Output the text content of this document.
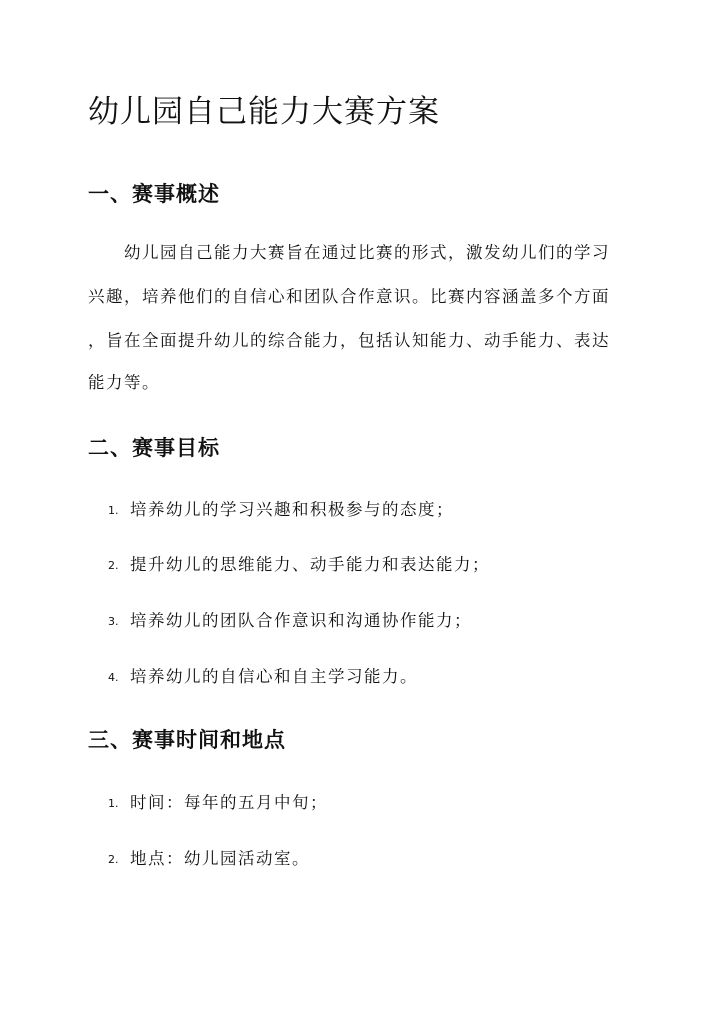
幼儿园自己能力大赛方案
一、赛事概述
　　幼儿园自己能力大赛旨在通过比赛的形式，激发幼儿们的学习
兴趣，培养他们的自信心和团队合作意识。比赛内容涵盖多个方面
，旨在全面提升幼儿的综合能力，包括认知能力、动手能力、表达
能力等。
二、赛事目标
1. 培养幼儿的学习兴趣和积极参与的态度；
2. 提升幼儿的思维能力、动手能力和表达能力；
3. 培养幼儿的团队合作意识和沟通协作能力；
4. 培养幼儿的自信心和自主学习能力。
三、赛事时间和地点
1. 时间：每年的五月中旬；
2. 地点：幼儿园活动室。
